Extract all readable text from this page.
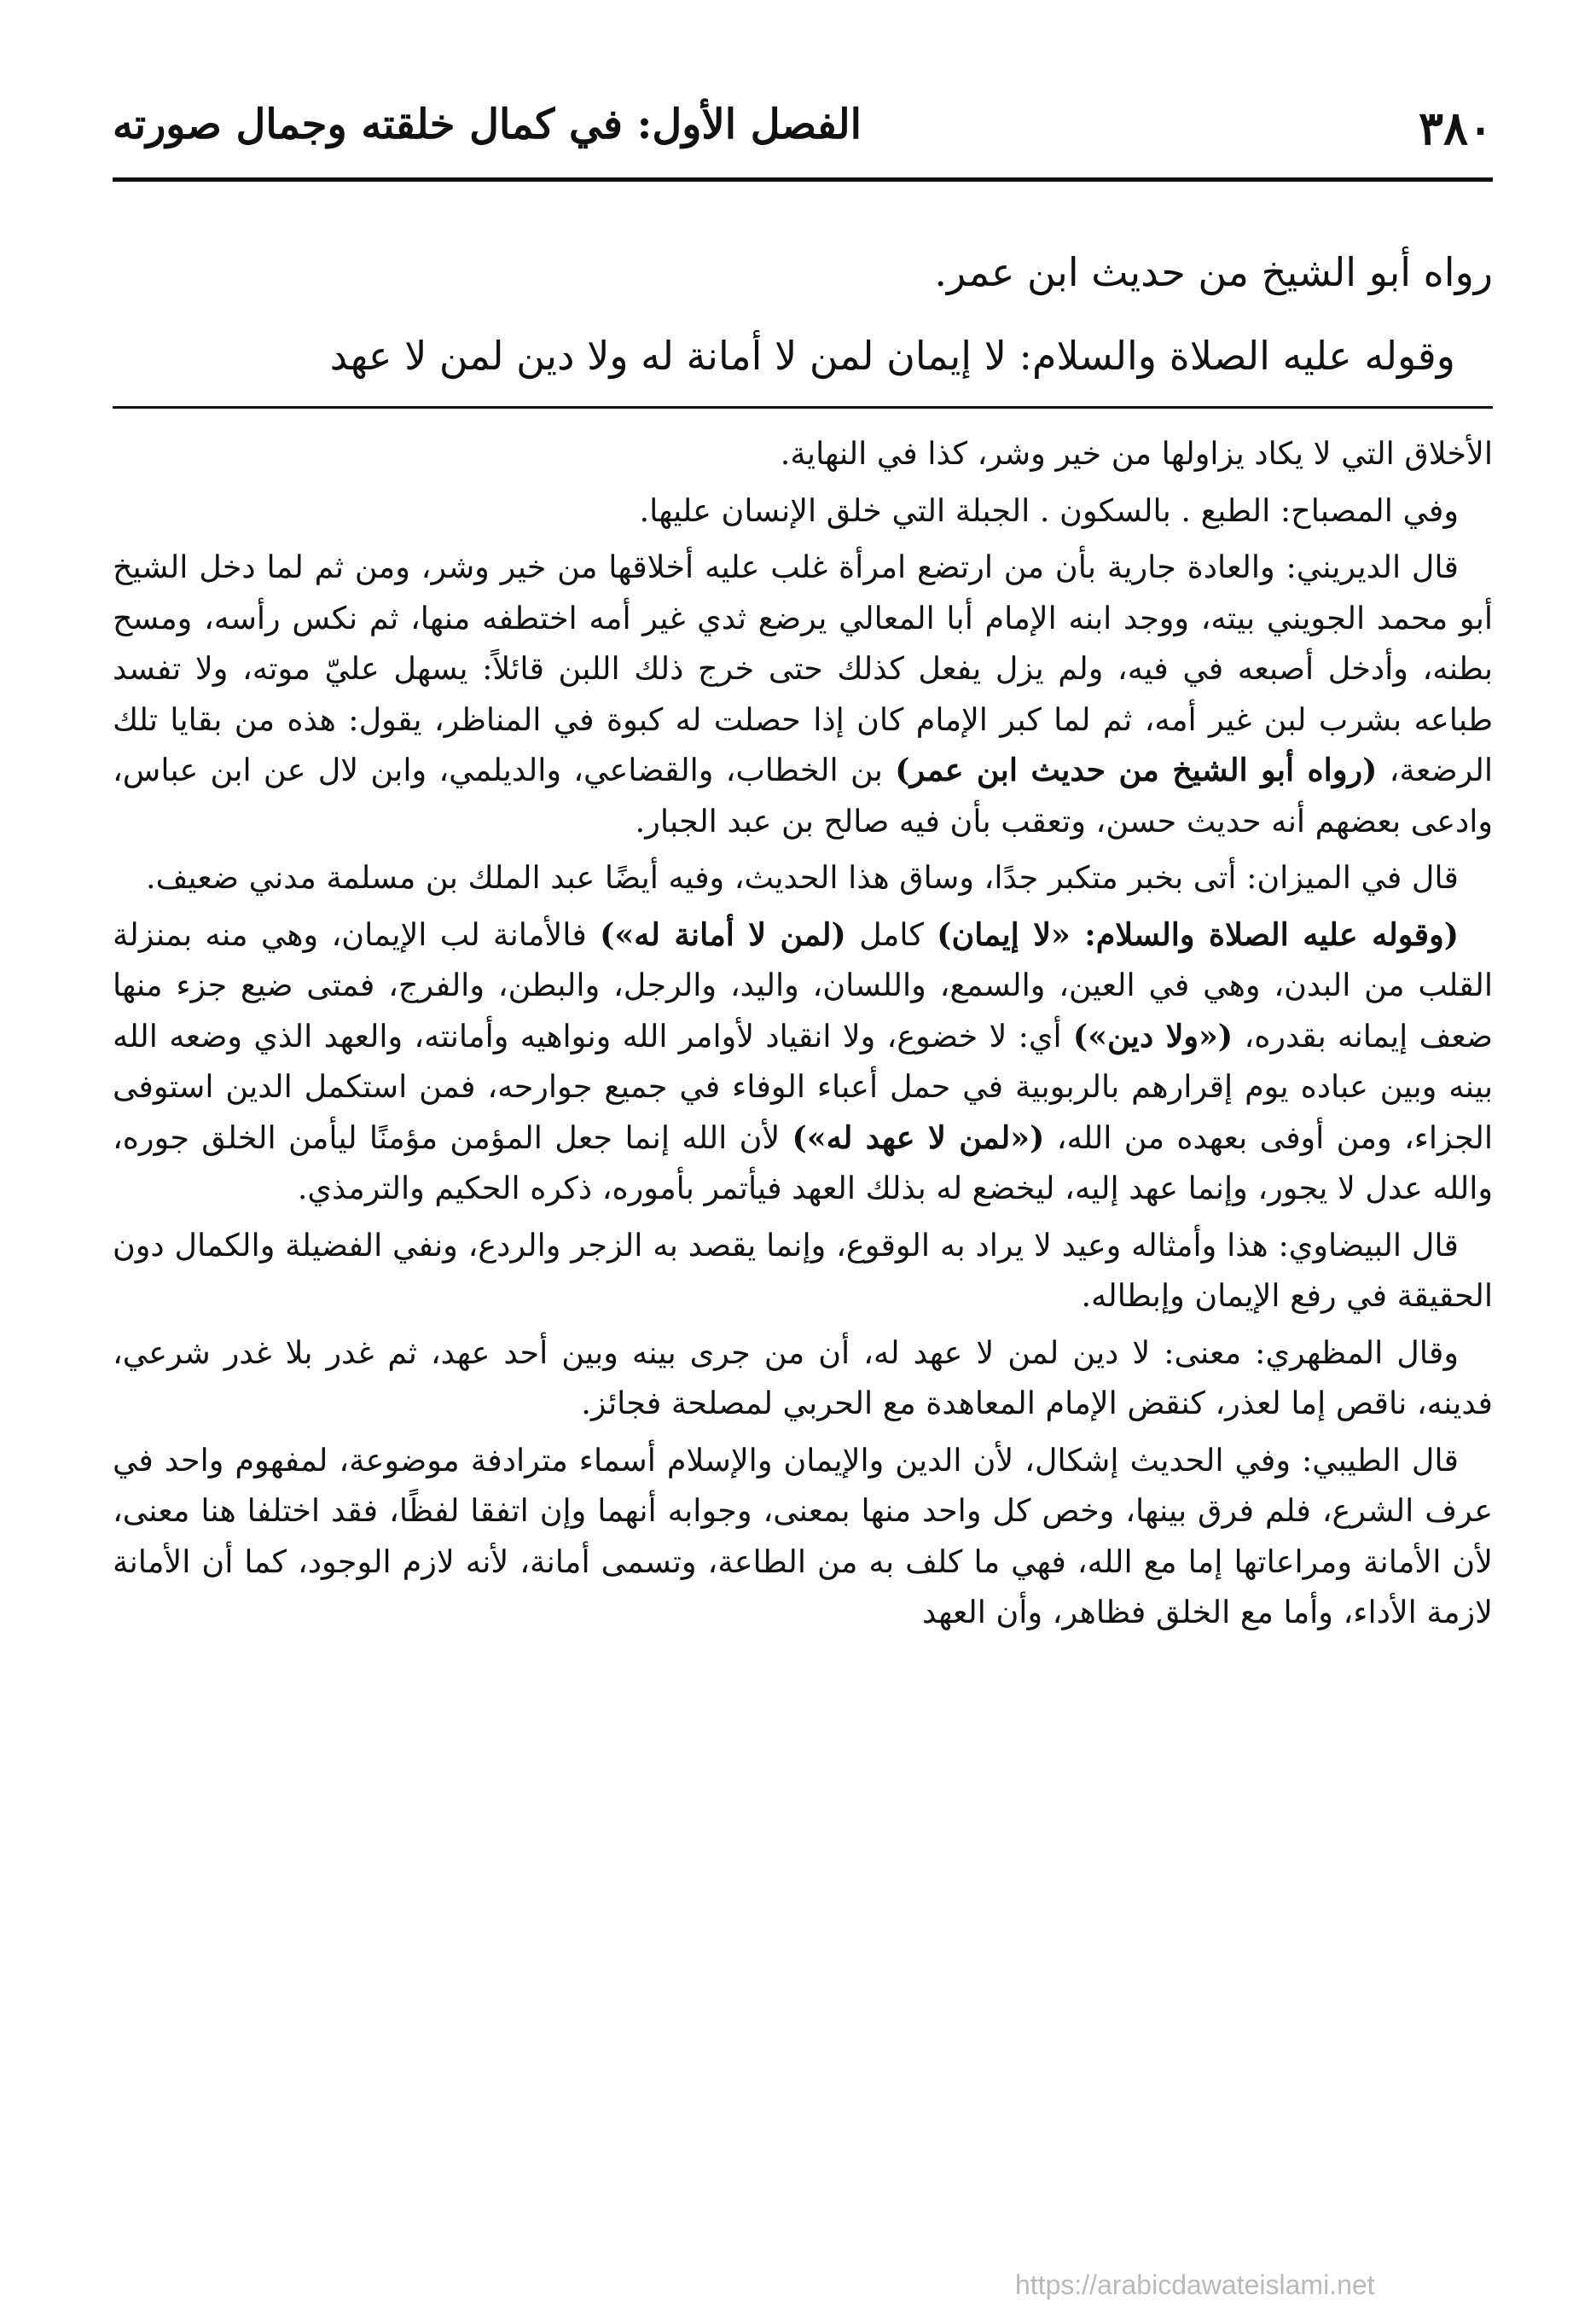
٣٨٠
الفصل الأول: في كمال خلقته وجمال صورته

رواه أبو الشيخ من حديث ابن عمر.

وقوله عليه الصلاة والسلام: لا إيمان لمن لا أمانة له ولا دين لمن لا عهد

الأخلاق التي لا يكاد يزاولها من خير وشر، كذا في النهاية.

وفي المصباح: الطبع . بالسكون . الجبلة التي خلق الإنسان عليها.

قال الديريني: والعادة جارية بأن من ارتضع امرأة غلب عليه أخلاقها من خير وشر، ومن ثم لما دخل الشيخ أبو محمد الجويني بيته، ووجد ابنه الإمام أبا المعالي يرضع ثدي غير أمه اختطفه منها، ثم نكس رأسه، ومسح بطنه، وأدخل أصبعه في فيه، ولم يزل يفعل كذلك حتى خرج ذلك اللبن قائلاً: يسهل عليّ موته، ولا تفسد طباعه بشرب لبن غير أمه، ثم لما كبر الإمام كان إذا حصلت له كبوة في المناظر، يقول: هذه من بقايا تلك الرضعة، (رواه أبو الشيخ من حديث ابن عمر) بن الخطاب، والقضاعي، والديلمي، وابن لال عن ابن عباس، وادعى بعضهم أنه حديث حسن، وتعقب بأن فيه صالح بن عبد الجبار.

قال في الميزان: أتى بخبر متكبر جدًا، وساق هذا الحديث، وفيه أيضًا عبد الملك بن مسلمة مدني ضعيف.

(وقوله عليه الصلاة والسلام: «لا إيمان) كامل (لمن لا أمانة له») فالأمانة لب الإيمان، وهي منه بمنزلة القلب من البدن، وهي في العين، والسمع، واللسان، واليد، والرجل، والبطن، والفرج، فمتى ضيع جزء منها ضعف إيمانه بقدره، («ولا دين») أي: لا خضوع، ولا انقياد لأوامر الله ونواهيه وأمانته، والعهد الذي وضعه الله بينه وبين عباده يوم إقرارهم بالربوبية في حمل أعباء الوفاء في جميع جوارحه، فمن استكمل الدين استوفى الجزاء، ومن أوفى بعهده من الله، («لمن لا عهد له») لأن الله إنما جعل المؤمن مؤمنًا ليأمن الخلق جوره، والله عدل لا يجور، وإنما عهد إليه، ليخضع له بذلك العهد فيأتمر بأموره، ذكره الحكيم والترمذي.

قال البيضاوي: هذا وأمثاله وعيد لا يراد به الوقوع، وإنما يقصد به الزجر والردع، ونفي الفضيلة والكمال دون الحقيقة في رفع الإيمان وإبطاله.

وقال المظهري: معنى: لا دين لمن لا عهد له، أن من جرى بينه وبين أحد عهد، ثم غدر بلا غدر شرعي، فدينه، ناقص إما لعذر، كنقض الإمام المعاهدة مع الحربي لمصلحة فجائز.

قال الطيبي: وفي الحديث إشكال، لأن الدين والإيمان والإسلام أسماء مترادفة موضوعة، لمفهوم واحد في عرف الشرع، فلم فرق بينها، وخص كل واحد منها بمعنى، وجوابه أنهما وإن اتفقا لفظًا، فقد اختلفا هنا معنى، لأن الأمانة ومراعاتها إما مع الله، فهي ما كلف به من الطاعة، وتسمى أمانة، لأنه لازم الوجود، كما أن الأمانة لازمة الأداء، وأما مع الخلق فظاهر، وأن العهد

https://arabicdawateislami.net
